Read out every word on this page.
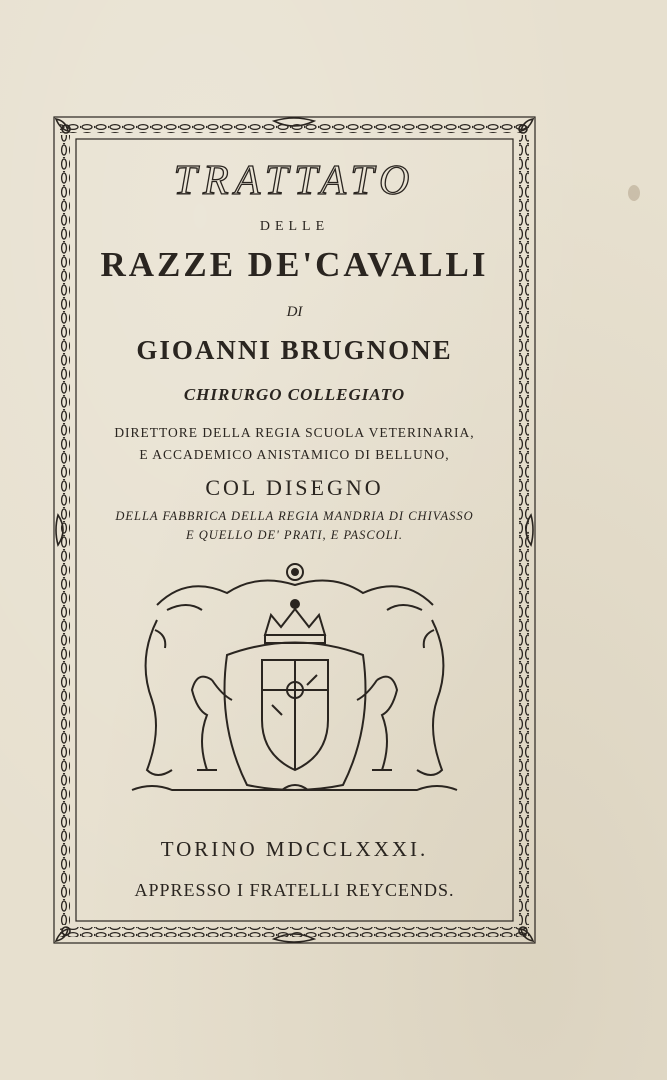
TRATTATO
DELLE
RAZZE DE'CAVALLI
DI
GIOANNI BRUGNONE
CHIRURGO COLLEGIATO
DIRETTORE DELLA REGIA SCUOLA VETERINARIA,
E ACCADEMICO ANISTAMICO DI BELLUNO,
COL DISEGNO
DELLA FABBRICA DELLA REGIA MANDRIA DI CHIVASSO
E QUELLO DE' PRATI, E PASCOLI.
TORINO MDCCLXXXI.
APPRESSO I FRATELLI REYCENDS.
